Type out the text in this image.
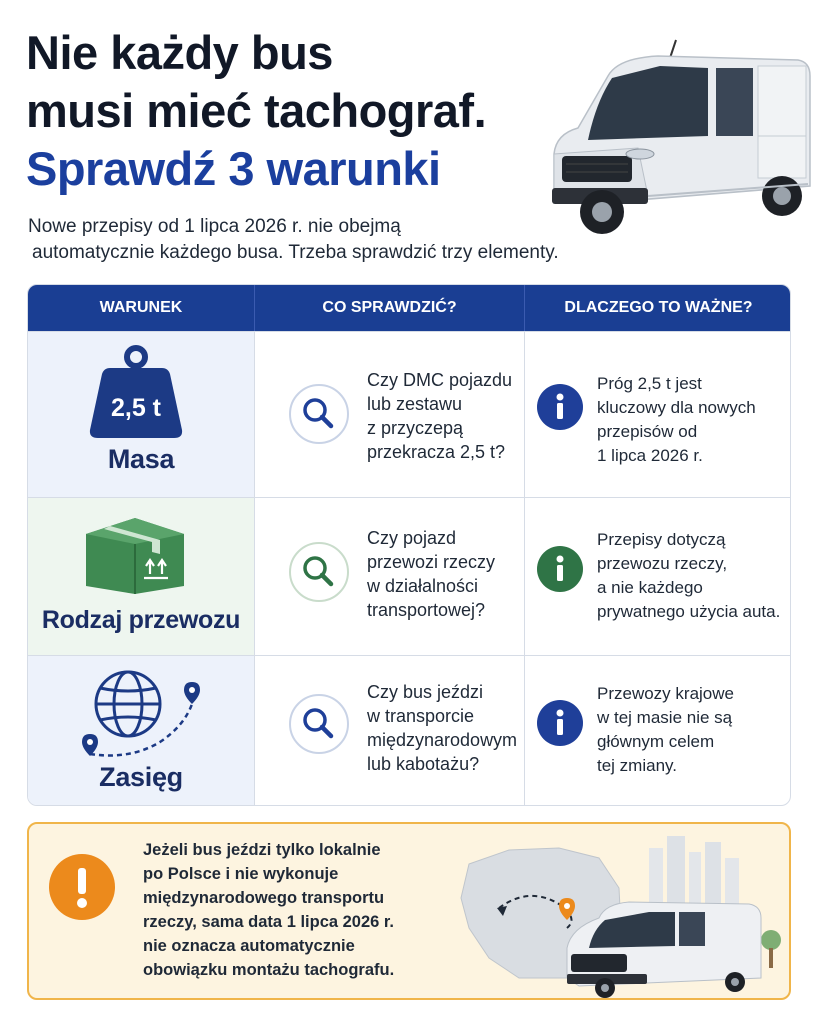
Nie każdy bus
musi mieć tachograf.
Sprawdź 3 warunki
Nowe przepisy od 1 lipca 2026 r. nie obejmą
automatycznie każdego busa. Trzeba sprawdzić trzy elementy.
WARUNEK	CO SPRAWDZIĆ?	DLACZEGO TO WAŻNE?
2,5 t
Masa
Czy DMC pojazdu
lub zestawu
z przyczepą
przekracza 2,5 t?
Próg 2,5 t jest
kluczowy dla nowych
przepisów od
1 lipca 2026 r.
Rodzaj przewozu
Czy pojazd
przewozi rzeczy
w działalności
transportowej?
Przepisy dotyczą
przewozu rzeczy,
a nie każdego
prywatnego użycia auta.
Zasięg
Czy bus jeździ
w transporcie
międzynarodowym
lub kabotażu?
Przewozy krajowe
w tej masie nie są
głównym celem
tej zmiany.
Jeżeli bus jeździ tylko lokalnie
po Polsce i nie wykonuje
międzynarodowego transportu
rzeczy, sama data 1 lipca 2026 r.
nie oznacza automatycznie
obowiązku montażu tachografu.
